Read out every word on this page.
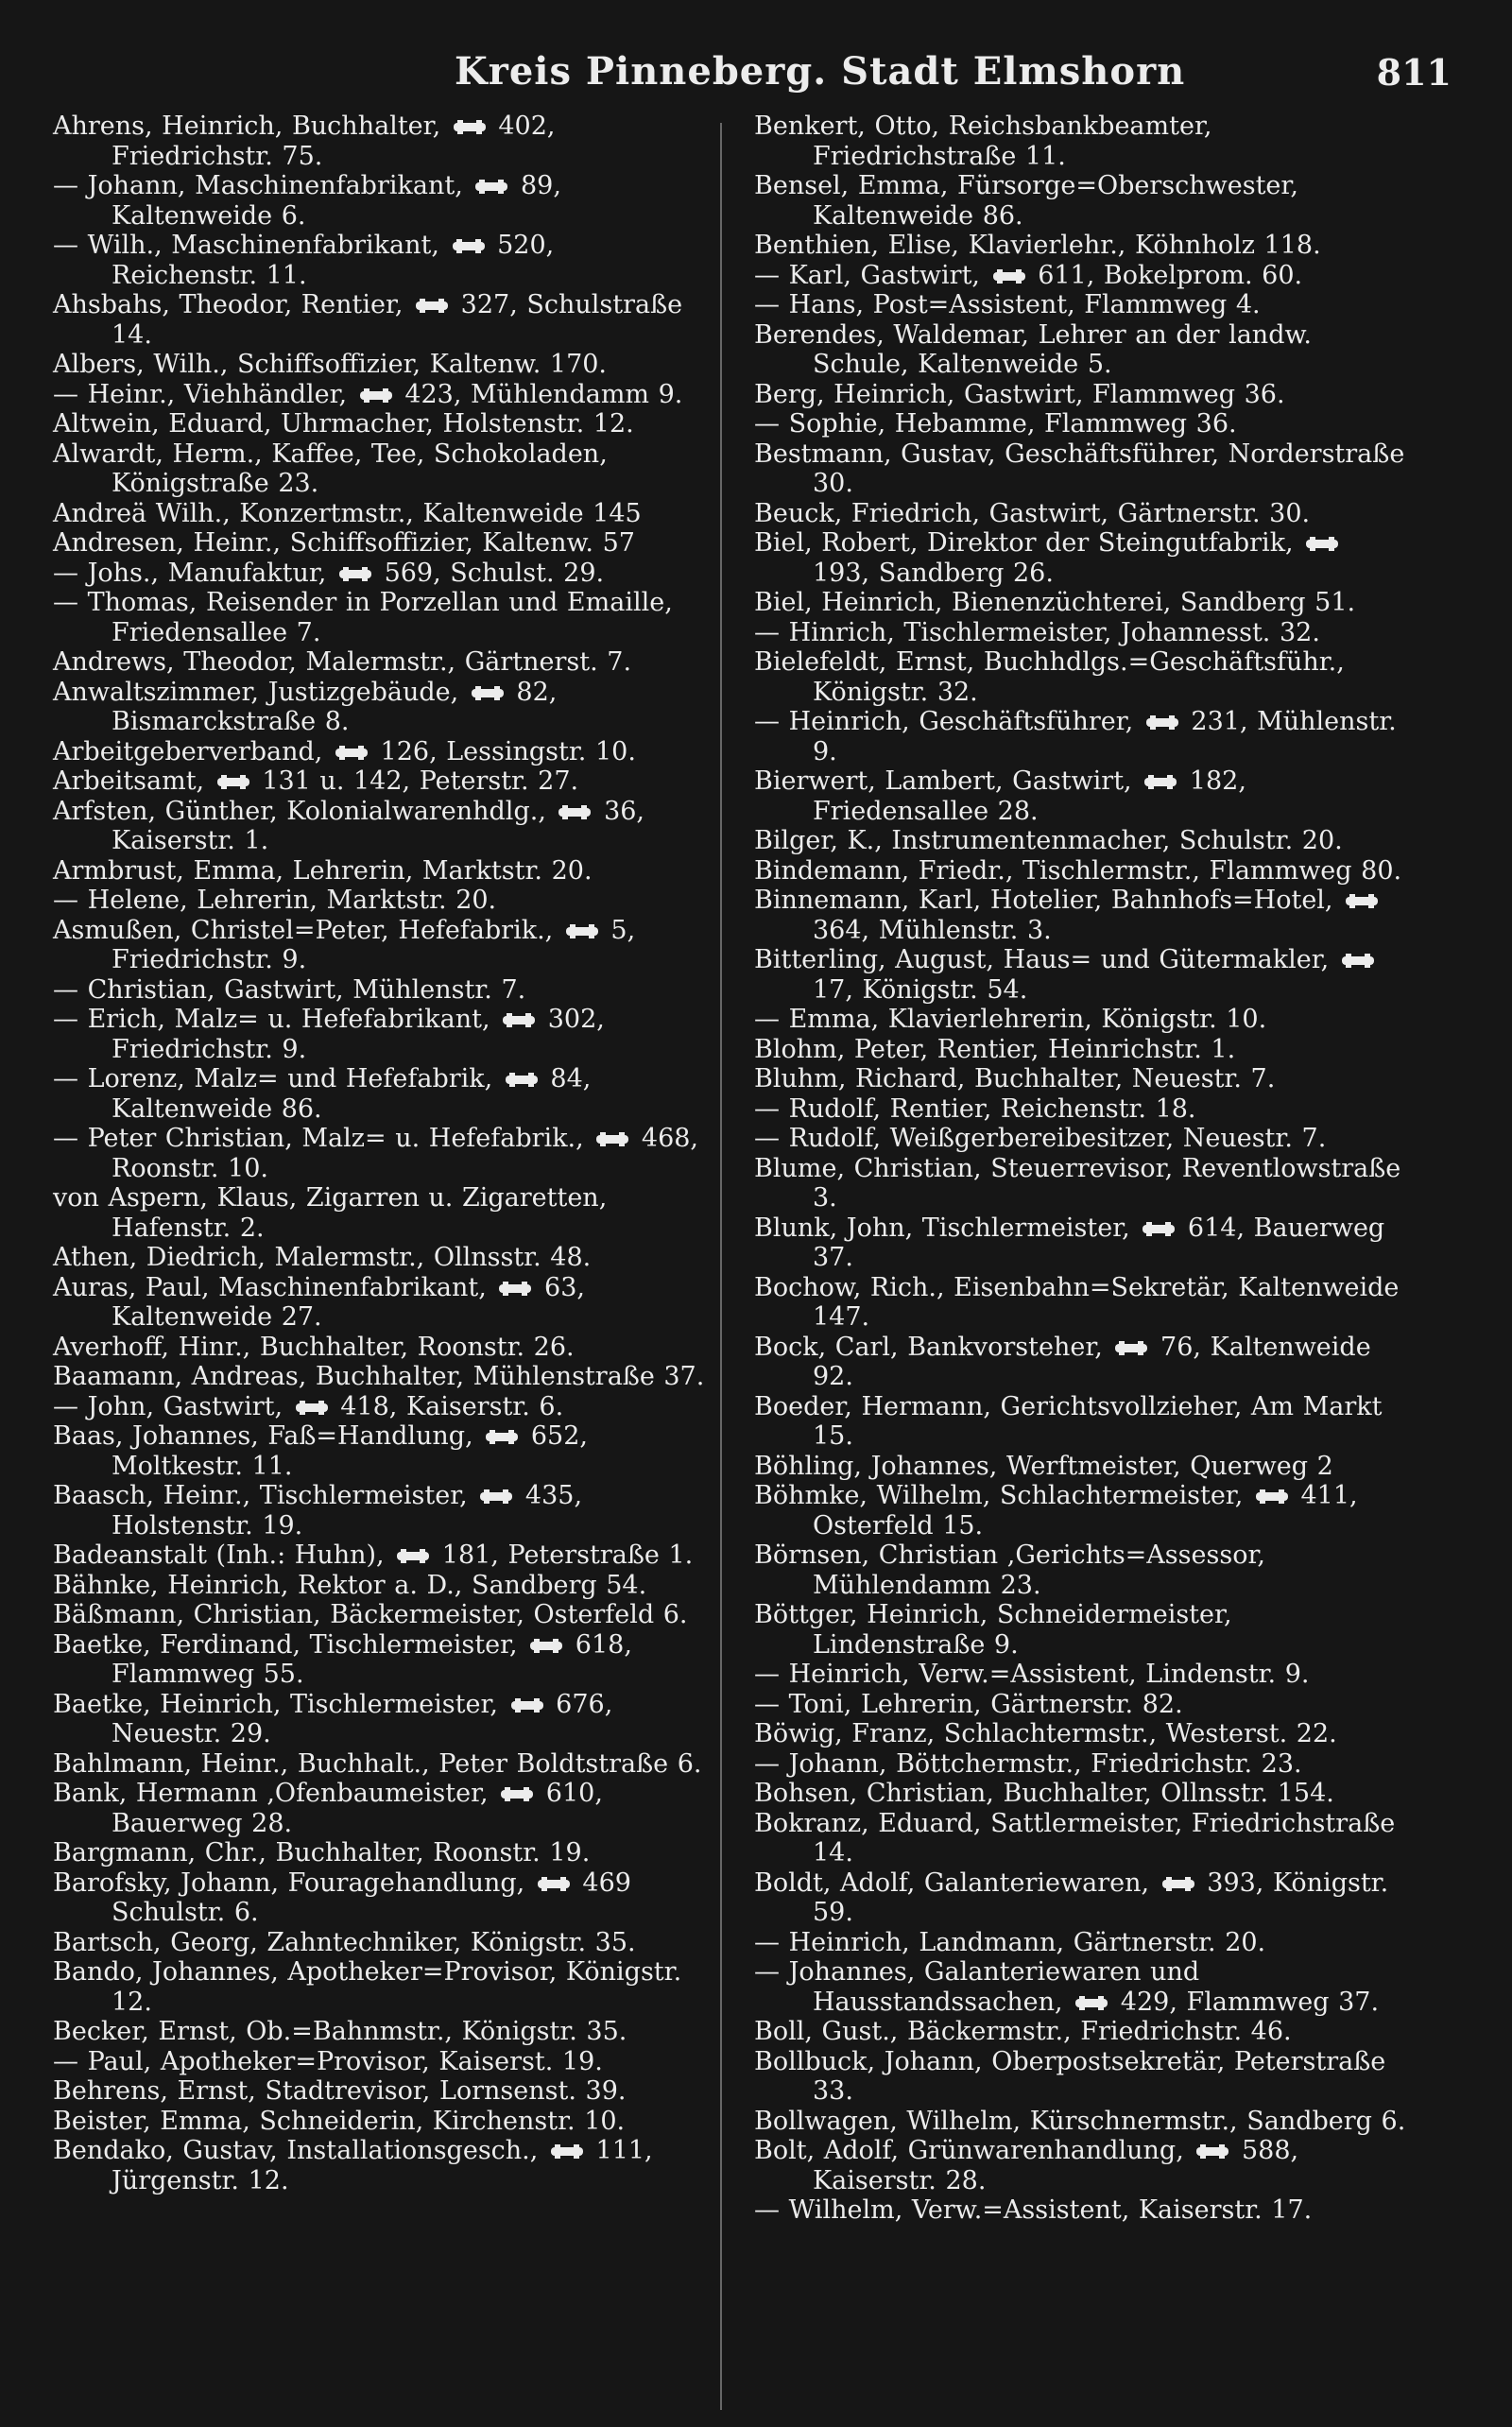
Kreis Pinneberg. Stadt Elmshorn	811
Ahrens, Heinrich, Buchhalter,  402, Friedrichstr. 75.
— Johann, Maschinenfabrikant,  89, Kaltenweide 6.
— Wilh., Maschinenfabrikant,  520, Reichenstr. 11.
Ahsbahs, Theodor, Rentier,  327, Schulstraße 14.
Albers, Wilh., Schiffsoffizier, Kaltenw. 170.
— Heinr., Viehhändler,  423, Mühlendamm 9.
Altwein, Eduard, Uhrmacher, Holstenstr. 12.
Alwardt, Herm., Kaffee, Tee, Schokoladen, Königstraße 23.
Andreä Wilh., Konzertmstr., Kaltenweide 145
Andresen, Heinr., Schiffsoffizier, Kaltenw. 57
— Johs., Manufaktur,  569, Schulst. 29.
— Thomas, Reisender in Porzellan und Emaille, Friedensallee 7.
Andrews, Theodor, Malermstr., Gärtnerst. 7.
Anwaltszimmer, Justizgebäude,  82, Bismarckstraße 8.
Arbeitgeberverband,  126, Lessingstr. 10.
Arbeitsamt,  131 u. 142, Peterstr. 27.
Arfsten, Günther, Kolonialwarenhdlg.,  36, Kaiserstr. 1.
Armbrust, Emma, Lehrerin, Marktstr. 20.
— Helene, Lehrerin, Marktstr. 20.
Asmußen, Christel=Peter, Hefefabrik.,  5, Friedrichstr. 9.
— Christian, Gastwirt, Mühlenstr. 7.
— Erich, Malz= u. Hefefabrikant,  302, Friedrichstr. 9.
— Lorenz, Malz= und Hefefabrik,  84, Kaltenweide 86.
— Peter Christian, Malz= u. Hefefabrik.,  468, Roonstr. 10.
von Aspern, Klaus, Zigarren u. Zigaretten, Hafenstr. 2.
Athen, Diedrich, Malermstr., Ollnsstr. 48.
Auras, Paul, Maschinenfabrikant,  63, Kaltenweide 27.
Averhoff, Hinr., Buchhalter, Roonstr. 26.
Baamann, Andreas, Buchhalter, Mühlenstraße 37.
— John, Gastwirt,  418, Kaiserstr. 6.
Baas, Johannes, Faß=Handlung,  652, Moltkestr. 11.
Baasch, Heinr., Tischlermeister,  435, Holstenstr. 19.
Badeanstalt (Inh.: Huhn),  181, Peterstraße 1.
Bähnke, Heinrich, Rektor a. D., Sandberg 54.
Bäßmann, Christian, Bäckermeister, Osterfeld 6.
Baetke, Ferdinand, Tischlermeister,  618, Flammweg 55.
Baetke, Heinrich, Tischlermeister,  676, Neuestr. 29.
Bahlmann, Heinr., Buchhalt., Peter Boldtstraße 6.
Bank, Hermann ,Ofenbaumeister,  610, Bauerweg 28.
Bargmann, Chr., Buchhalter, Roonstr. 19.
Barofsky, Johann, Fouragehandlung,  469 Schulstr. 6.
Bartsch, Georg, Zahntechniker, Königstr. 35.
Bando, Johannes, Apotheker=Provisor, Königstr. 12.
Becker, Ernst, Ob.=Bahnmstr., Königstr. 35.
— Paul, Apotheker=Provisor, Kaiserst. 19.
Behrens, Ernst, Stadtrevisor, Lornsenst. 39.
Beister, Emma, Schneiderin, Kirchenstr. 10.
Bendako, Gustav, Installationsgesch.,  111, Jürgenstr. 12.
Benkert, Otto, Reichsbankbeamter, Friedrichstraße 11.
Bensel, Emma, Fürsorge=Oberschwester, Kaltenweide 86.
Benthien, Elise, Klavierlehr., Köhnholz 118.
— Karl, Gastwirt,  611, Bokelprom. 60.
— Hans, Post=Assistent, Flammweg 4.
Berendes, Waldemar, Lehrer an der landw. Schule, Kaltenweide 5.
Berg, Heinrich, Gastwirt, Flammweg 36.
— Sophie, Hebamme, Flammweg 36.
Bestmann, Gustav, Geschäftsführer, Norderstraße 30.
Beuck, Friedrich, Gastwirt, Gärtnerstr. 30.
Biel, Robert, Direktor der Steingutfabrik,  193, Sandberg 26.
Biel, Heinrich, Bienenzüchterei, Sandberg 51.
— Hinrich, Tischlermeister, Johannesst. 32.
Bielefeldt, Ernst, Buchhdlgs.=Geschäftsführ., Königstr. 32.
— Heinrich, Geschäftsführer,  231, Mühlenstr. 9.
Bierwert, Lambert, Gastwirt,  182, Friedensallee 28.
Bilger, K., Instrumentenmacher, Schulstr. 20.
Bindemann, Friedr., Tischlermstr., Flammweg 80.
Binnemann, Karl, Hotelier, Bahnhofs=Hotel,  364, Mühlenstr. 3.
Bitterling, August, Haus= und Gütermakler,  17, Königstr. 54.
— Emma, Klavierlehrerin, Königstr. 10.
Blohm, Peter, Rentier, Heinrichstr. 1.
Bluhm, Richard, Buchhalter, Neuestr. 7.
— Rudolf, Rentier, Reichenstr. 18.
— Rudolf, Weißgerbereibesitzer, Neuestr. 7.
Blume, Christian, Steuerrevisor, Reventlowstraße 3.
Blunk, John, Tischlermeister,  614, Bauerweg 37.
Bochow, Rich., Eisenbahn=Sekretär, Kaltenweide 147.
Bock, Carl, Bankvorsteher,  76, Kaltenweide 92.
Boeder, Hermann, Gerichtsvollzieher, Am Markt 15.
Böhling, Johannes, Werftmeister, Querweg 2
Böhmke, Wilhelm, Schlachtermeister,  411, Osterfeld 15.
Börnsen, Christian ,Gerichts=Assessor, Mühlendamm 23.
Böttger, Heinrich, Schneidermeister, Lindenstraße 9.
— Heinrich, Verw.=Assistent, Lindenstr. 9.
— Toni, Lehrerin, Gärtnerstr. 82.
Böwig, Franz, Schlachtermstr., Westerst. 22.
— Johann, Böttchermstr., Friedrichstr. 23.
Bohsen, Christian, Buchhalter, Ollnsstr. 154.
Bokranz, Eduard, Sattlermeister, Friedrichstraße 14.
Boldt, Adolf, Galanteriewaren,  393, Königstr. 59.
— Heinrich, Landmann, Gärtnerstr. 20.
— Johannes, Galanteriewaren und Hausstandssachen,  429, Flammweg 37.
Boll, Gust., Bäckermstr., Friedrichstr. 46.
Bollbuck, Johann, Oberpostsekretär, Peterstraße 33.
Bollwagen, Wilhelm, Kürschnermstr., Sandberg 6.
Bolt, Adolf, Grünwarenhandlung,  588, Kaiserstr. 28.
— Wilhelm, Verw.=Assistent, Kaiserstr. 17.
